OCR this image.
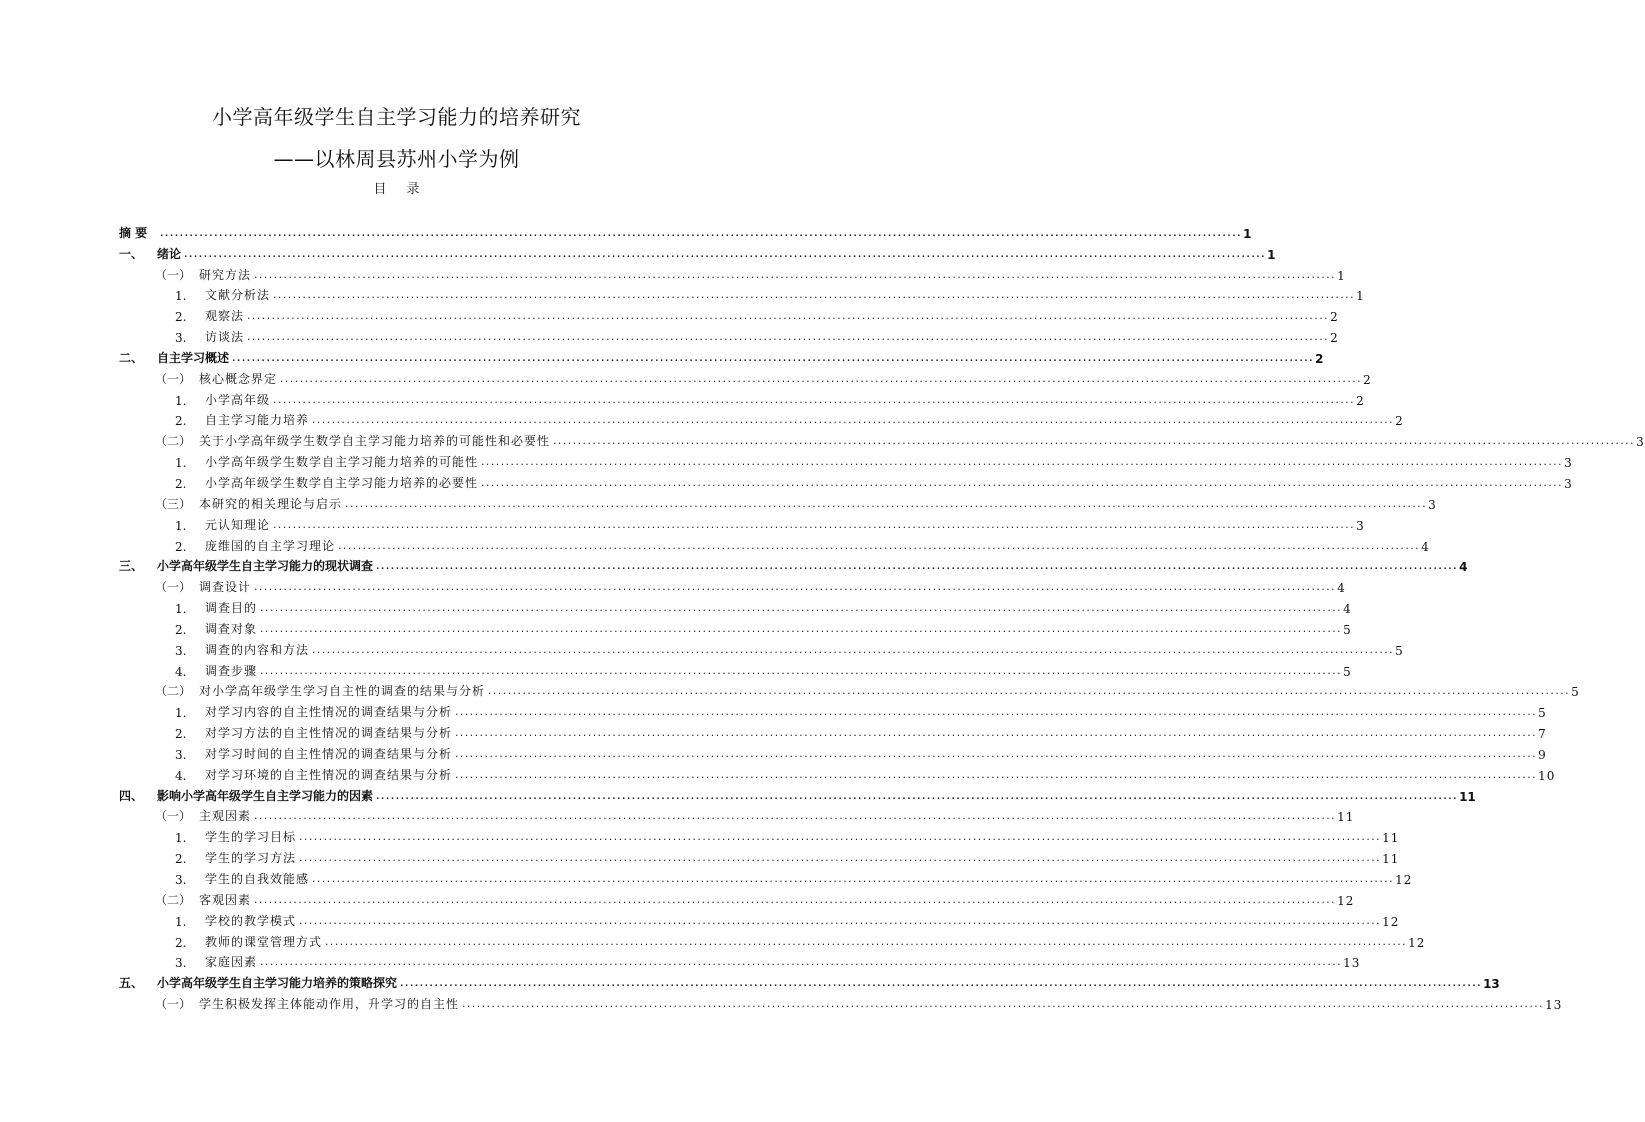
小学高年级学生自主学习能力的培养研究
——以林周县苏州小学为例
目 录
摘 要	............................................................................................................................................................................................................................ 1
一、	绪论 ............................................................................................................................................................................................................................ 1
（一） 研究方法 ............................................................................................................................................................................................................................ 1
1.	文献分析法 ............................................................................................................................................................................................................................ 1
2.	观察法 ............................................................................................................................................................................................................................ 2
3.	访谈法 ............................................................................................................................................................................................................................ 2
二、	自主学习概述 ............................................................................................................................................................................................................................ 2
（一） 核心概念界定 ............................................................................................................................................................................................................................ 2
1.	小学高年级 ............................................................................................................................................................................................................................ 2
2.	自主学习能力培养 ............................................................................................................................................................................................................................ 2
（二） 关于小学高年级学生数学自主学习能力培养的可能性和必要性 ............................................................................................................................................................................................................................ 3
1.	小学高年级学生数学自主学习能力培养的可能性 ............................................................................................................................................................................................................................ 3
2.	小学高年级学生数学自主学习能力培养的必要性 ............................................................................................................................................................................................................................ 3
（三） 本研究的相关理论与启示 ............................................................................................................................................................................................................................ 3
1.	元认知理论 ............................................................................................................................................................................................................................ 3
2.	庞维国的自主学习理论 ............................................................................................................................................................................................................................ 4
三、	小学高年级学生自主学习能力的现状调查 ............................................................................................................................................................................................................................ 4
（一） 调查设计 ............................................................................................................................................................................................................................ 4
1.	调查目的 ............................................................................................................................................................................................................................ 4
2.	调查对象 ............................................................................................................................................................................................................................ 5
3.	调查的内容和方法 ............................................................................................................................................................................................................................ 5
4.	调查步骤 ............................................................................................................................................................................................................................ 5
（二） 对小学高年级学生学习自主性的调查的结果与分析 ............................................................................................................................................................................................................................ 5
1.	对学习内容的自主性情况的调查结果与分析 ............................................................................................................................................................................................................................ 5
2.	对学习方法的自主性情况的调查结果与分析 ............................................................................................................................................................................................................................ 7
3.	对学习时间的自主性情况的调查结果与分析 ............................................................................................................................................................................................................................ 9
4.	对学习环境的自主性情况的调查结果与分析 ............................................................................................................................................................................................................................ 10
四、	影响小学高年级学生自主学习能力的因素 ............................................................................................................................................................................................................................ 11
（一） 主观因素 ............................................................................................................................................................................................................................ 11
1.	学生的学习目标 ............................................................................................................................................................................................................................ 11
2.	学生的学习方法 ............................................................................................................................................................................................................................ 11
3.	学生的自我效能感 ............................................................................................................................................................................................................................ 12
（二） 客观因素 ............................................................................................................................................................................................................................ 12
1.	学校的教学模式 ............................................................................................................................................................................................................................ 12
2.	教师的课堂管理方式 ............................................................................................................................................................................................................................ 12
3.	家庭因素 ............................................................................................................................................................................................................................ 13
五、	小学高年级学生自主学习能力培养的策略探究 ............................................................................................................................................................................................................................ 13
（一） 学生积极发挥主体能动作用，升学习的自主性 ............................................................................................................................................................................................................................ 13
